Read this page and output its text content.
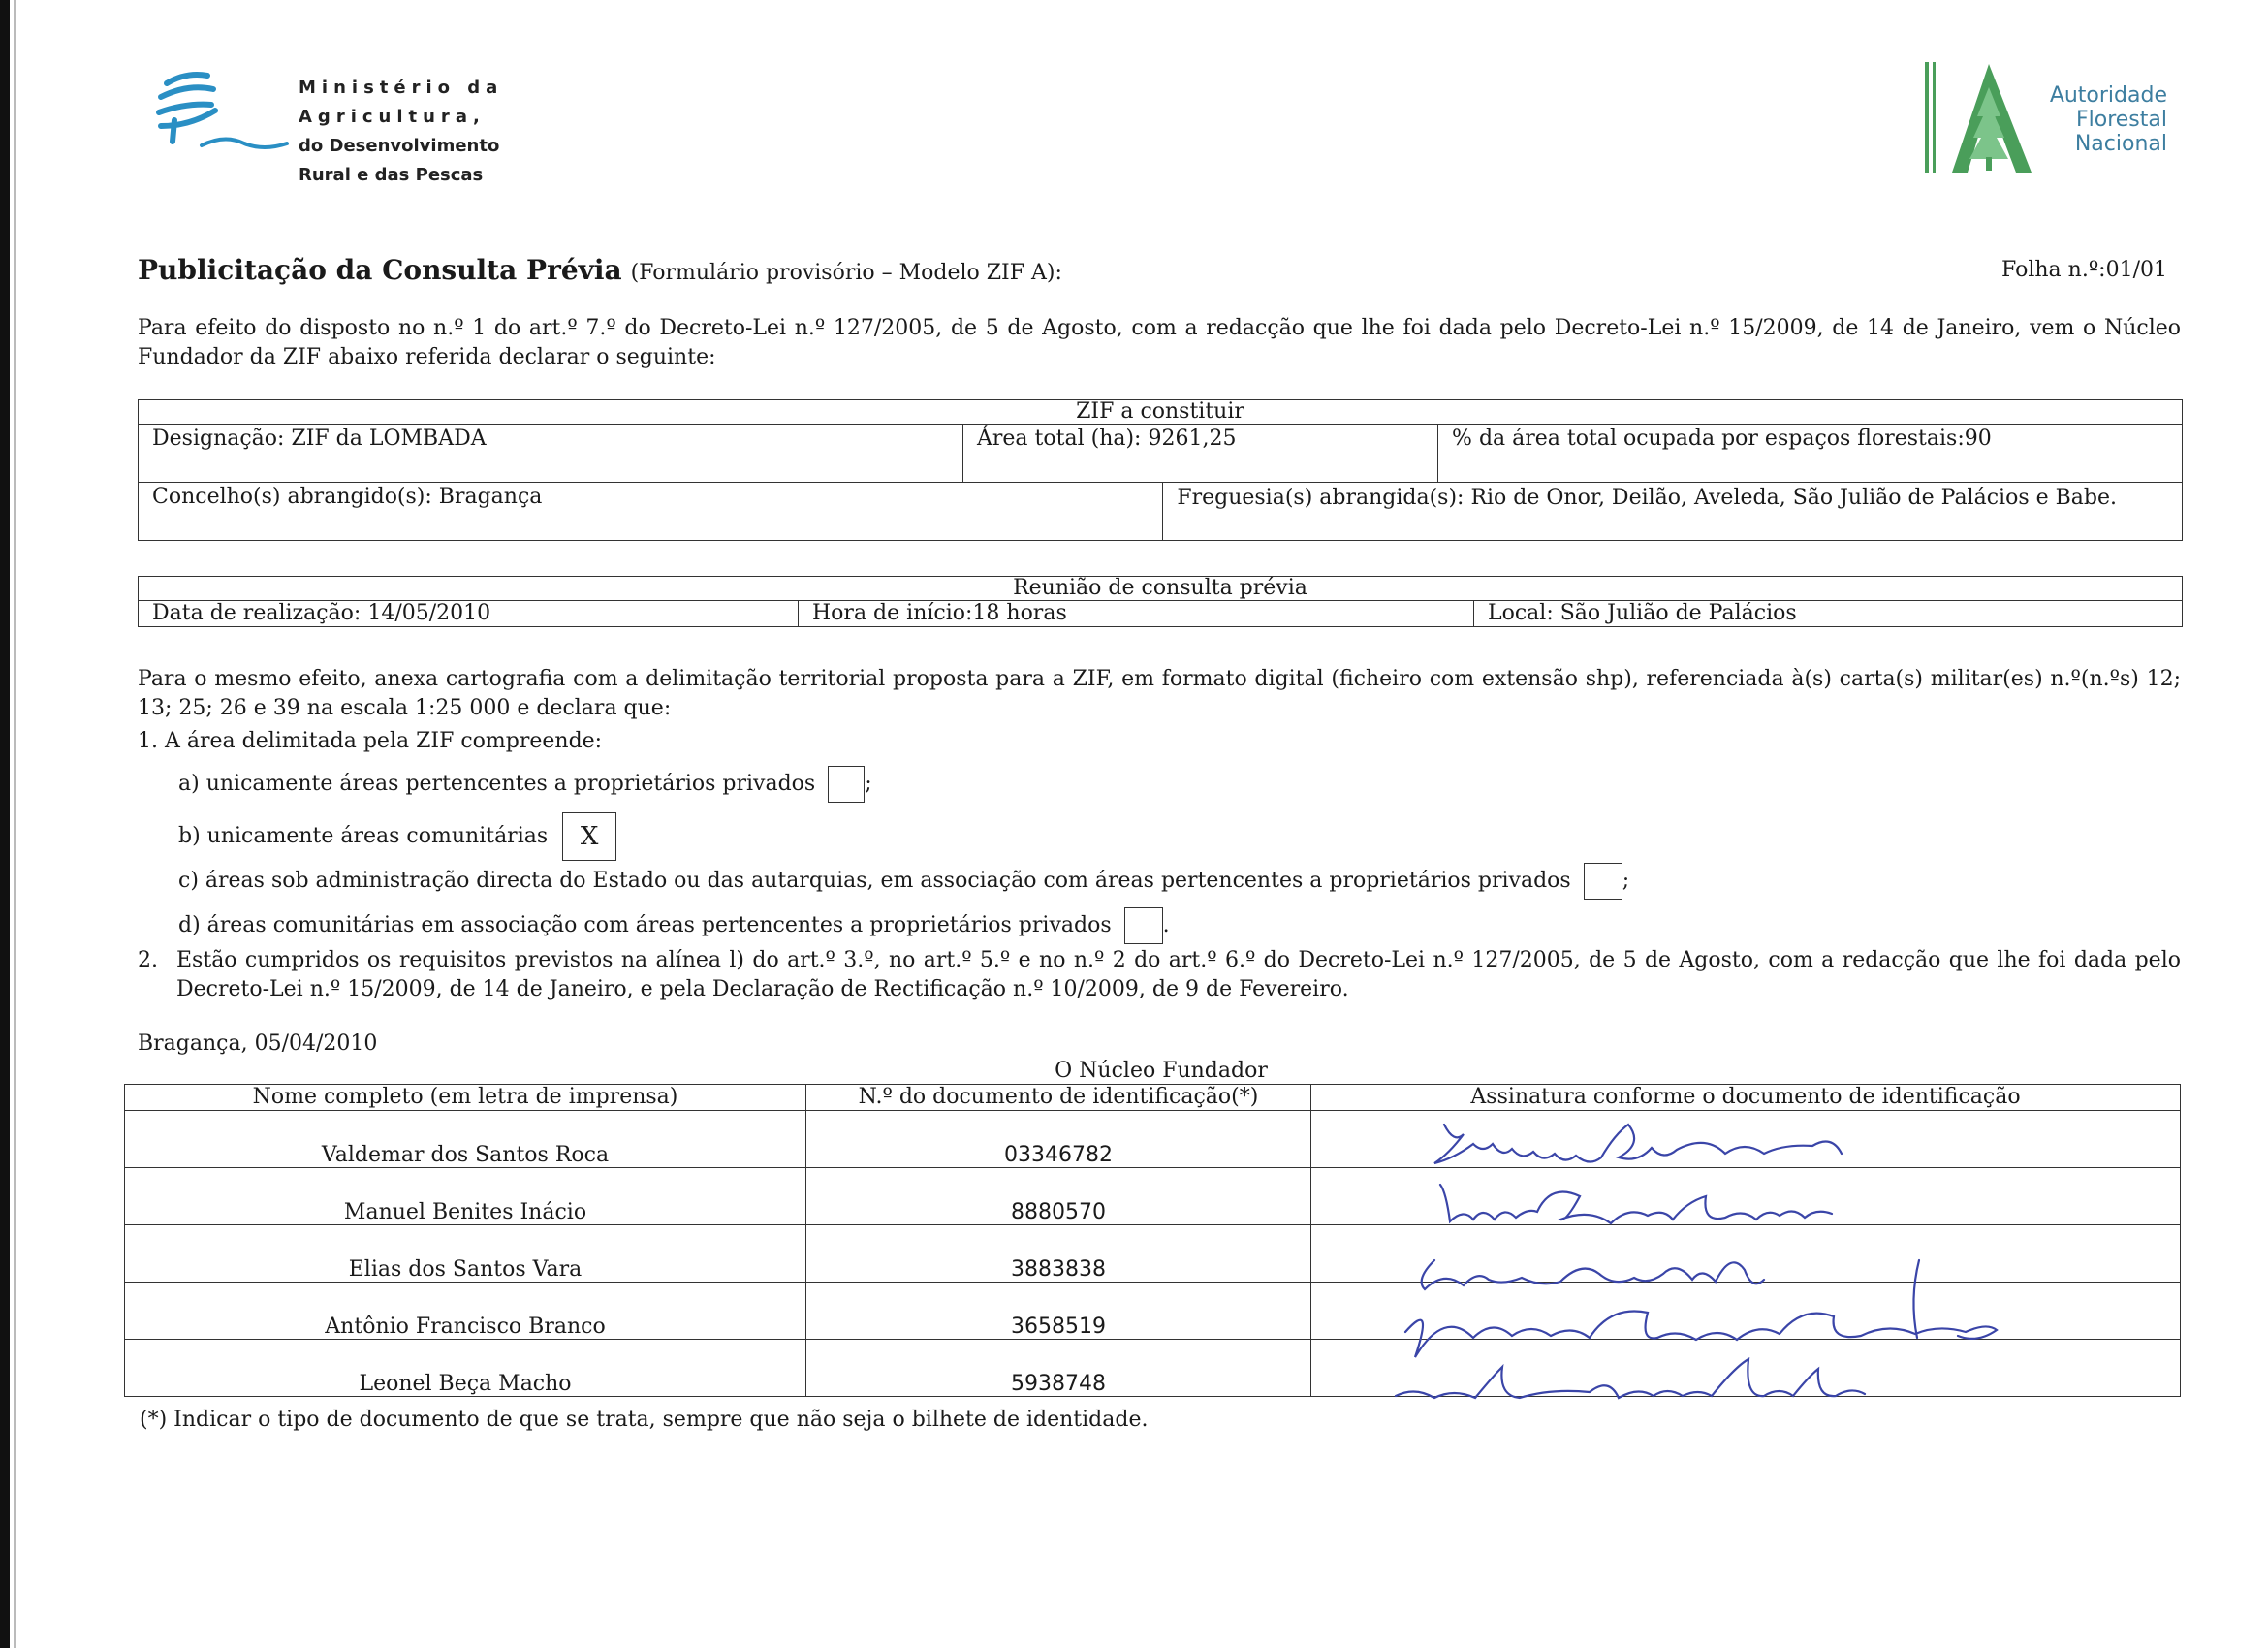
Ministério da
Agricultura,
do Desenvolvimento
Rural e das Pescas
Autoridade
Florestal
Nacional
Publicitação da Consulta Prévia (Formulário provisório – Modelo ZIF A):	Folha n.º:01/01
Para efeito do disposto no n.º 1 do art.º 7.º do Decreto-Lei n.º 127/2005, de 5 de Agosto, com a redacção que lhe foi dada pelo Decreto-Lei n.º 15/2009, de 14 de Janeiro, vem o Núcleo Fundador da ZIF abaixo referida declarar o seguinte:
ZIF a constituir			
Designação: ZIF da LOMBADA	Área total (ha): 9261,25		% da área total ocupada por espaços florestais:90
Concelho(s) abrangido(s): Bragança		Freguesia(s) abrangida(s): Rio de Onor, Deilão, Aveleda, São Julião de Palácios e Babe.	
Reunião de consulta prévia
Data de realização: 14/05/2010	Hora de início:18 horas	Local: São Julião de Palácios
Para o mesmo efeito, anexa cartografia com a delimitação territorial proposta para a ZIF, em formato digital (ficheiro com extensão shp), referenciada à(s) carta(s) militar(es) n.º(n.ºs) 12; 13; 25; 26 e 39 na escala 1:25 000 e declara que:
1. A área delimitada pela ZIF compreende:
a) unicamente áreas pertencentes a proprietários privados ;
b) unicamente áreas comunitárias X
c) áreas sob administração directa do Estado ou das autarquias, em associação com áreas pertencentes a proprietários privados ;
d) áreas comunitárias em associação com áreas pertencentes a proprietários privados .
2. Estão cumpridos os requisitos previstos na alínea l) do art.º 3.º, no art.º 5.º e no n.º 2 do art.º 6.º do Decreto-Lei n.º 127/2005, de 5 de Agosto, com a redacção que lhe foi dada pelo Decreto-Lei n.º 15/2009, de 14 de Janeiro, e pela Declaração de Rectificação n.º 10/2009, de 9 de Fevereiro.
Bragança, 05/04/2010
O Núcleo Fundador
Nome completo (em letra de imprensa)	N.º do documento de identificação(*)	Assinatura conforme o documento de identificação
Valdemar dos Santos Roca	03346782	
Manuel Benites Inácio	8880570	
Elias dos Santos Vara	3883838	
Antônio Francisco Branco	3658519	
Leonel Beça Macho	5938748	
(*) Indicar o tipo de documento de que se trata, sempre que não seja o bilhete de identidade.
